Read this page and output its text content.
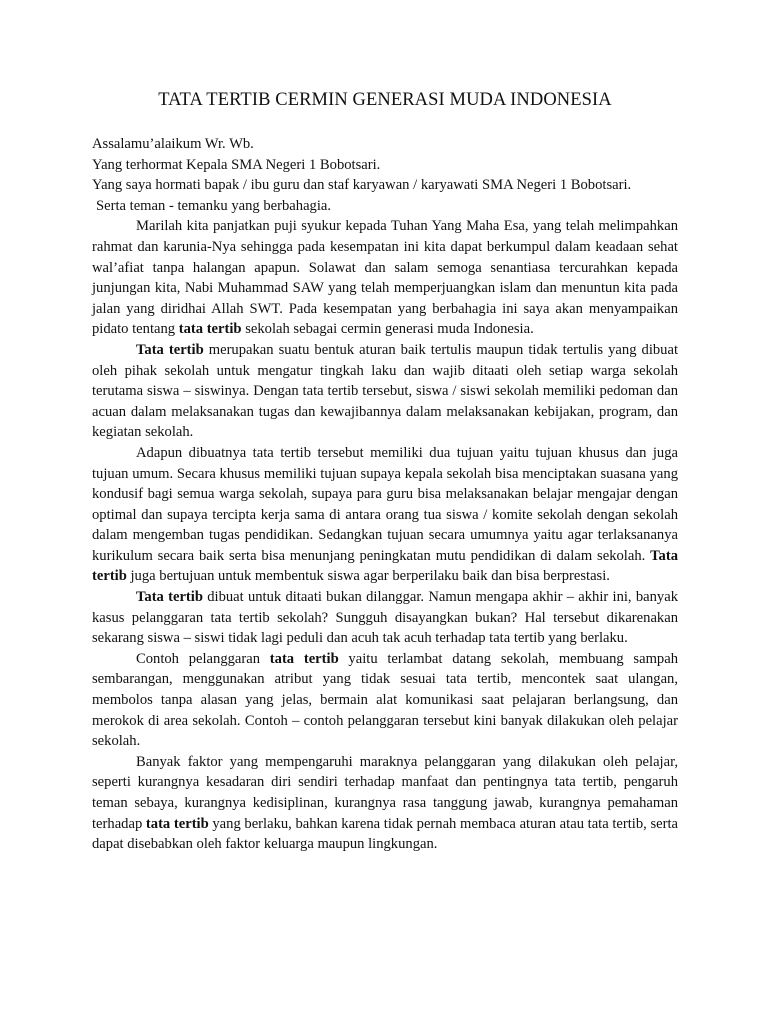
TATA TERTIB CERMIN GENERASI MUDA INDONESIA

Assalamu’alaikum Wr. Wb.

Yang terhormat Kepala SMA Negeri 1 Bobotsari.

Yang saya hormati bapak / ibu guru dan staf karyawan / karyawati SMA Negeri 1 Bobotsari.

Serta teman - temanku yang berbahagia.

Marilah kita panjatkan puji syukur kepada Tuhan Yang Maha Esa, yang telah melimpahkan rahmat dan karunia-Nya sehingga pada kesempatan ini kita dapat berkumpul dalam keadaan sehat wal’afiat tanpa halangan apapun. Solawat dan salam semoga senantiasa tercurahkan kepada junjungan kita, Nabi Muhammad SAW yang telah memperjuangkan islam dan menuntun kita pada jalan yang diridhai Allah SWT. Pada kesempatan yang berbahagia ini saya akan menyampaikan pidato tentang tata tertib sekolah sebagai cermin generasi muda Indonesia.

Tata tertib merupakan suatu bentuk aturan baik tertulis maupun tidak tertulis yang dibuat oleh pihak sekolah untuk mengatur tingkah laku dan wajib ditaati oleh setiap warga sekolah terutama siswa – siswinya. Dengan tata tertib tersebut, siswa / siswi sekolah memiliki pedoman dan acuan dalam melaksanakan tugas dan kewajibannya dalam melaksanakan kebijakan, program, dan kegiatan sekolah.

Adapun dibuatnya tata tertib tersebut memiliki dua tujuan yaitu tujuan khusus dan juga tujuan umum. Secara khusus memiliki tujuan supaya kepala sekolah bisa menciptakan suasana yang kondusif bagi semua warga sekolah, supaya para guru bisa melaksanakan belajar mengajar dengan optimal dan supaya tercipta kerja sama di antara orang tua siswa / komite sekolah dengan sekolah dalam mengemban tugas pendidikan. Sedangkan tujuan secara umumnya yaitu agar terlaksananya kurikulum secara baik serta bisa menunjang peningkatan mutu pendidikan di dalam sekolah. Tata tertib juga bertujuan untuk membentuk siswa agar berperilaku baik dan bisa berprestasi.

Tata tertib dibuat untuk ditaati bukan dilanggar. Namun mengapa akhir – akhir ini, banyak kasus pelanggaran tata tertib sekolah? Sungguh disayangkan bukan? Hal tersebut dikarenakan sekarang siswa – siswi tidak lagi peduli dan acuh tak acuh terhadap tata tertib yang berlaku.

Contoh pelanggaran tata tertib yaitu terlambat datang sekolah, membuang sampah sembarangan, menggunakan atribut yang tidak sesuai tata tertib, mencontek saat ulangan, membolos tanpa alasan yang jelas, bermain alat komunikasi saat pelajaran berlangsung, dan merokok di area sekolah. Contoh – contoh pelanggaran tersebut kini banyak dilakukan oleh pelajar sekolah.

Banyak faktor yang mempengaruhi maraknya pelanggaran yang dilakukan oleh pelajar, seperti kurangnya kesadaran diri sendiri terhadap manfaat dan pentingnya tata tertib, pengaruh teman sebaya, kurangnya kedisiplinan, kurangnya rasa tanggung jawab, kurangnya pemahaman terhadap tata tertib yang berlaku, bahkan karena tidak pernah membaca aturan atau tata tertib, serta dapat disebabkan oleh faktor keluarga maupun lingkungan.
